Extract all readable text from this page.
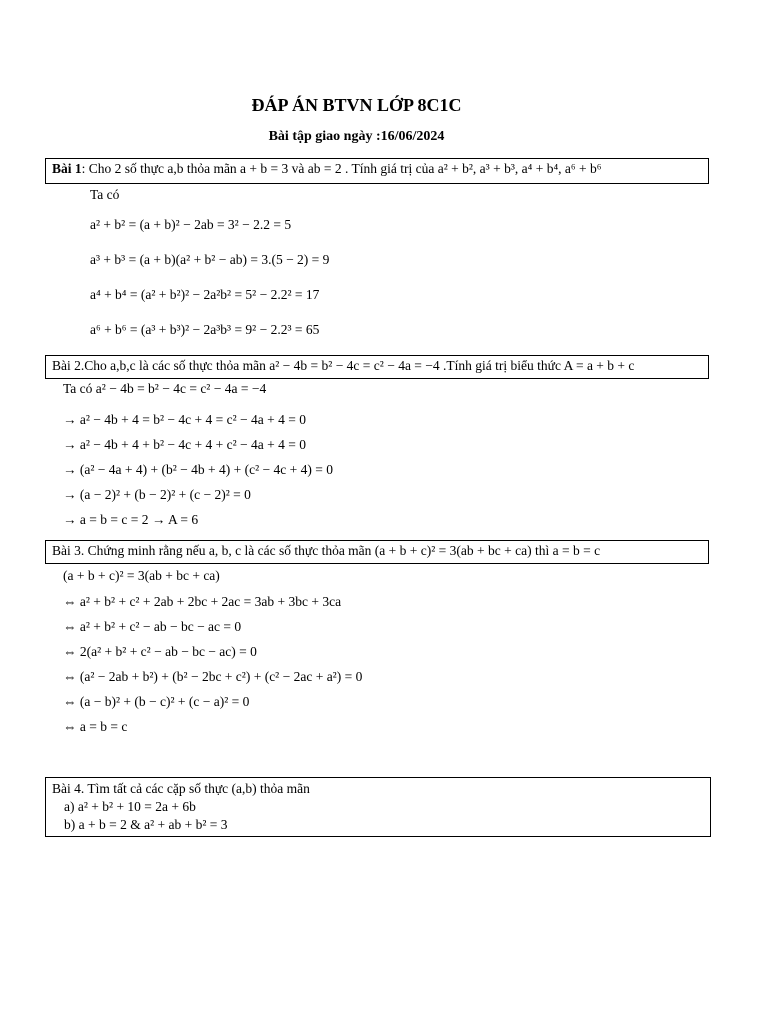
ĐÁP ÁN BTVN LỚP 8C1C
Bài tập giao ngày :16/06/2024
Bài 1: Cho 2 số thực a,b thỏa mãn a + b = 3 và ab = 2 . Tính giá trị của a² + b², a³ + b³, a⁴ + b⁴, a⁶ + b⁶
Ta có
a² + b² = (a + b)² − 2ab = 3² − 2.2 = 5
a³ + b³ = (a + b)(a² + b² − ab) = 3.(5 − 2) = 9
a⁴ + b⁴ = (a² + b²)² − 2a²b² = 5² − 2.2² = 17
a⁶ + b⁶ = (a³ + b³)² − 2a³b³ = 9² − 2.2³ = 65
Bài 2.Cho a,b,c là các số thực thỏa mãn a² − 4b = b² − 4c = c² − 4a = −4 .Tính giá trị biểu thức A = a + b + c
Ta có a² − 4b = b² − 4c = c² − 4a = −4
→ a² − 4b + 4 = b² − 4c + 4 = c² − 4a + 4 = 0
→ a² − 4b + 4 + b² − 4c + 4 + c² − 4a + 4 = 0
→ (a² − 4a + 4) + (b² − 4b + 4) + (c² − 4c + 4) = 0
→ (a − 2)² + (b − 2)² + (c − 2)² = 0
→ a = b = c = 2 → A = 6
Bài 3. Chứng minh rằng nếu a, b, c là các số thực thỏa mãn (a + b + c)² = 3(ab + bc + ca) thì a = b = c
(a + b + c)² = 3(ab + bc + ca)
⇔ a² + b² + c² + 2ab + 2bc + 2ac = 3ab + 3bc + 3ca
⇔ a² + b² + c² − ab − bc − ac = 0
⇔ 2(a² + b² + c² − ab − bc − ac) = 0
⇔ (a² − 2ab + b²) + (b² − 2bc + c²) + (c² − 2ac + a²) = 0
⇔ (a − b)² + (b − c)² + (c − a)² = 0
⇔ a = b = c
Bài 4. Tìm tất cả các cặp số thực (a,b) thỏa mãn
a) a² + b² + 10 = 2a + 6b
b) a + b = 2 & a² + ab + b² = 3
